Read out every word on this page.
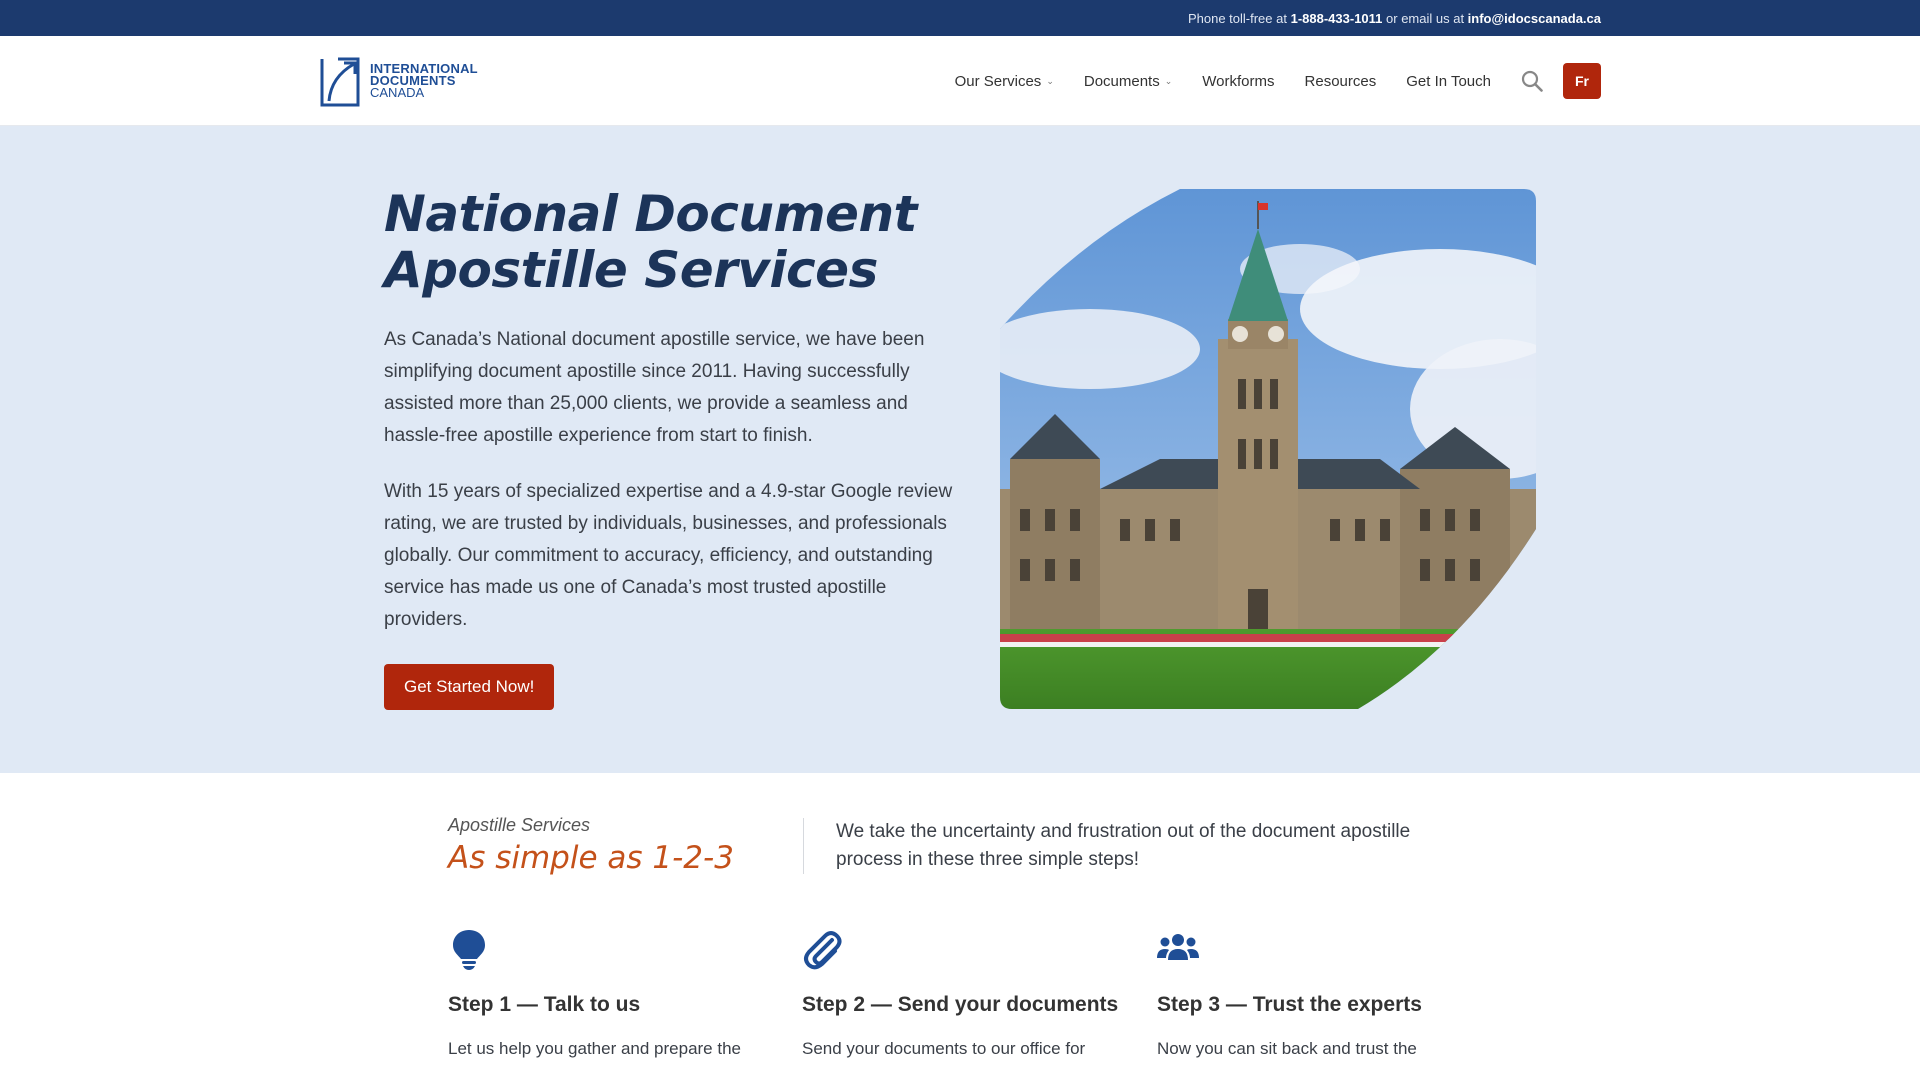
Phone toll-free at 1-888-433-1011 or email us at info@idocscanada.ca
INTERNATIONAL
DOCUMENTS
CANADA
Our Services ⌄ Documents ⌄ Workforms Resources Get In Touch	Fr
National Document
Apostille Services

As Canada’s National document apostille service, we have been simplifying document apostille since 2011. Having successfully assisted more than 25,000 clients, we provide a seamless and hassle-free apostille experience from start to finish.

With 15 years of specialized expertise and a 4.9-star Google review rating, we are trusted by individuals, businesses, and professionals globally. Our commitment to accuracy, efficiency, and outstanding service has made us one of Canada’s most trusted apostille providers.

Get Started Now!
Apostille Services
As simple as 1-2-3
We take the uncertainty and frustration out of the document apostille process in these three simple steps!
Step 1 — Talk to us
Let us help you gather and prepare the
Step 2 — Send your documents
Send your documents to our office for
Step 3 — Trust the experts
Now you can sit back and trust the
